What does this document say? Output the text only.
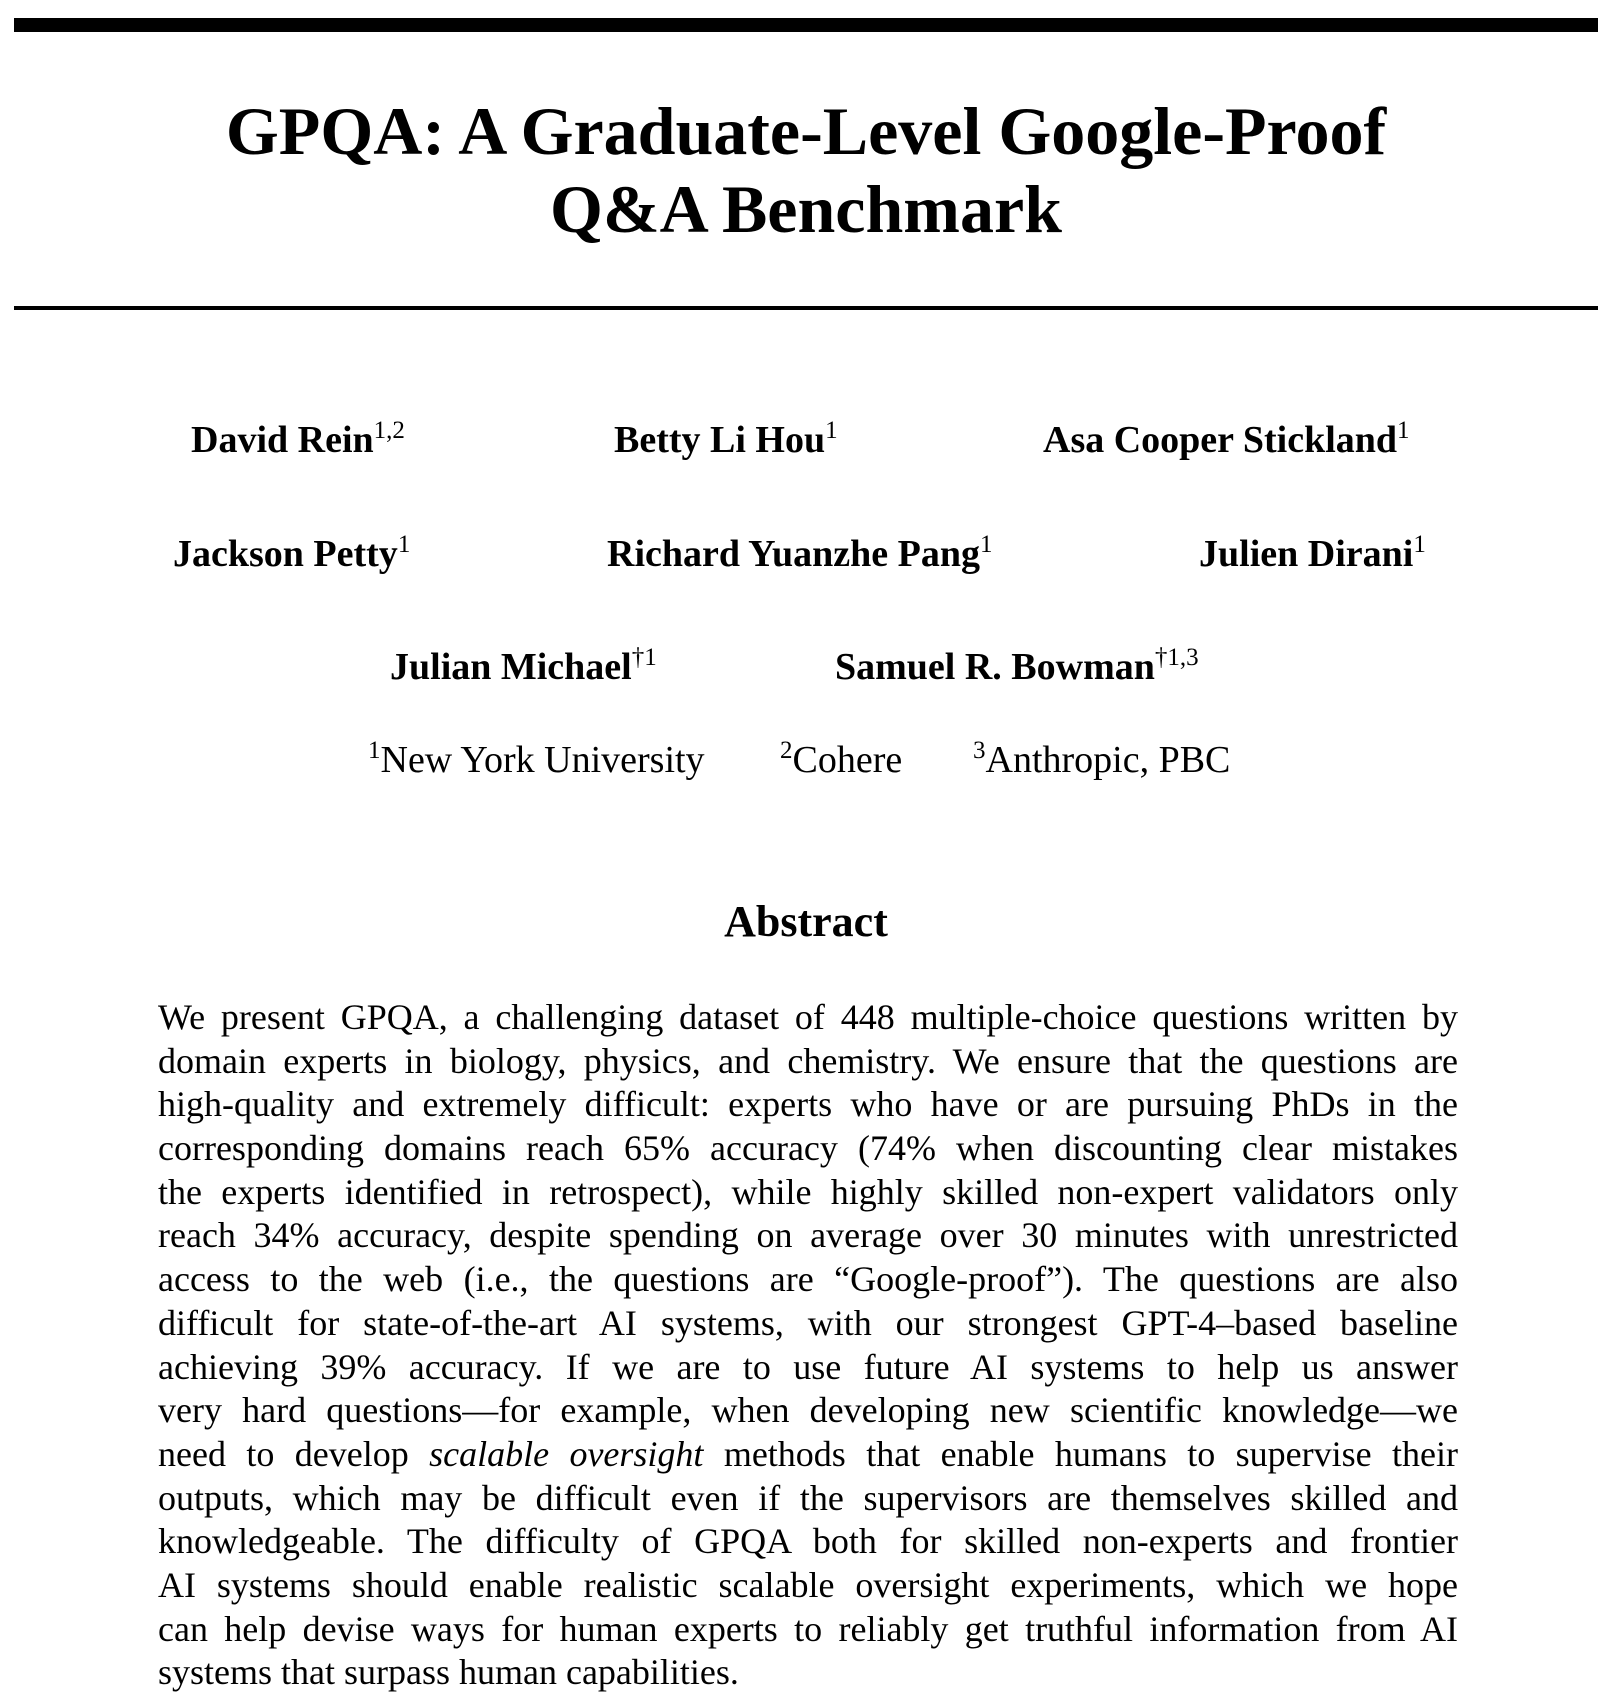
GPQA: A Graduate-Level Google-Proof
Q&A Benchmark
David Rein$^{1,2}$	Betty Li Hou$^1$	Asa Cooper Stickland$^1$
Jackson Petty$^1$	Richard Yuanzhe Pang$^1$	Julien Dirani$^1$
Julian Michael$^{\dagger 1}$	Samuel R. Bowman$^{\dagger 1,3}$
$^1$New York University	$^2$Cohere	$^3$Anthropic, PBC
Abstract
We present GPQA, a challenging dataset of 448 multiple-choice questions written by
domain experts in biology, physics, and chemistry. We ensure that the questions are
high-quality and extremely difficult: experts who have or are pursuing PhDs in the
corresponding domains reach 65% accuracy (74% when discounting clear mistakes
the experts identified in retrospect), while highly skilled non-expert validators only
reach 34% accuracy, despite spending on average over 30 minutes with unrestricted
access to the web (i.e., the questions are “Google-proof”). The questions are also
difficult for state-of-the-art AI systems, with our strongest GPT-4–based baseline
achieving 39% accuracy. If we are to use future AI systems to help us answer
very hard questions—for example, when developing new scientific knowledge—we
need to develop scalable oversight methods that enable humans to supervise their
outputs, which may be difficult even if the supervisors are themselves skilled and
knowledgeable. The difficulty of GPQA both for skilled non-experts and frontier
AI systems should enable realistic scalable oversight experiments, which we hope
can help devise ways for human experts to reliably get truthful information from AI
systems that surpass human capabilities.
